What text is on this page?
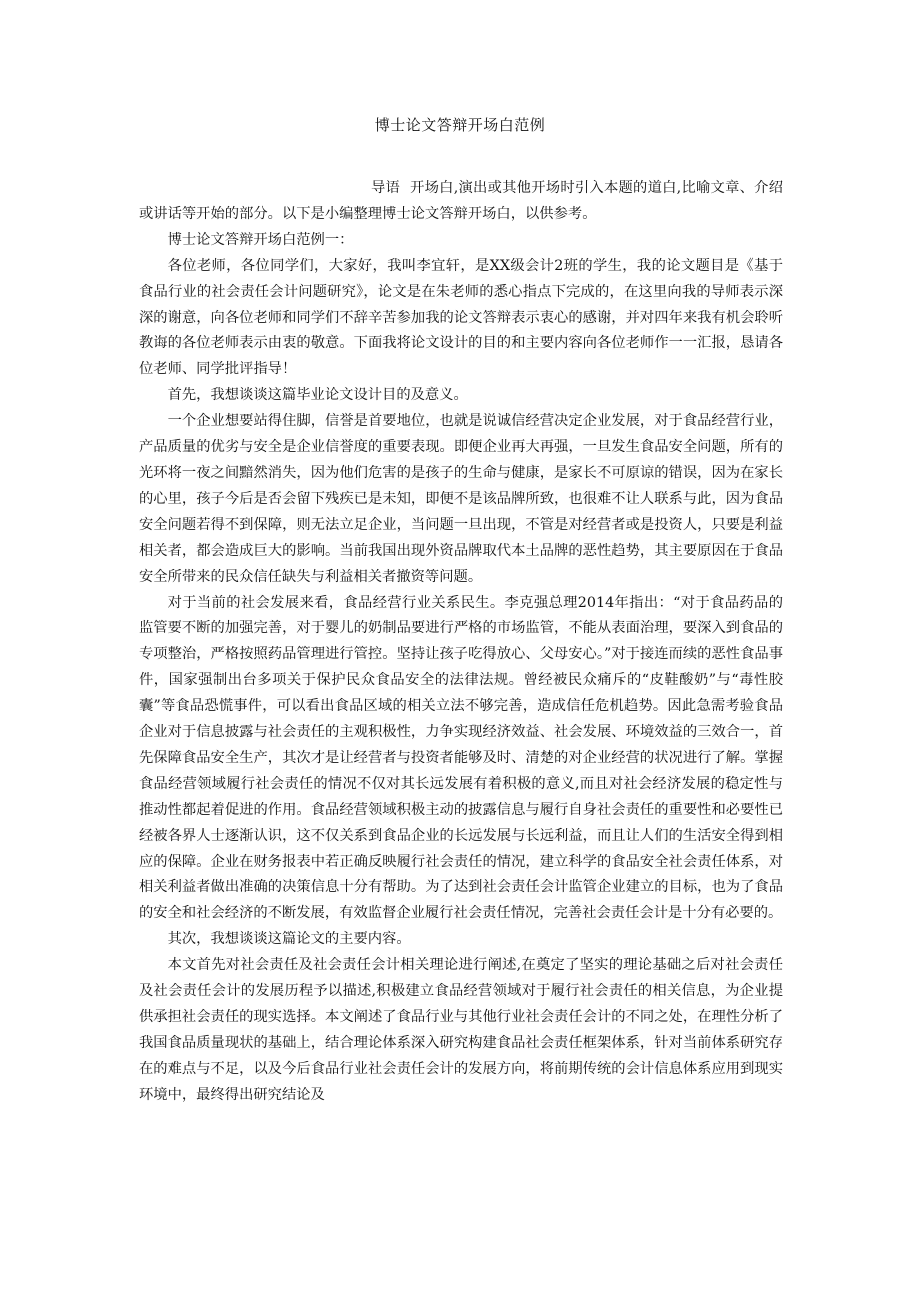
博士论文答辩开场白范例

导语 开场白,演出或其他开场时引入本题的道白,比喻文章、介绍或讲话等开始的部分。以下是小编整理博士论文答辩开场白，以供参考。

博士论文答辩开场白范例一：

各位老师，各位同学们，大家好，我叫李宜轩，是XX级会计2班的学生，我的论文题目是《基于食品行业的社会责任会计问题研究》，论文是在朱老师的悉心指点下完成的，在这里向我的导师表示深深的谢意，向各位老师和同学们不辞辛苦参加我的论文答辩表示衷心的感谢，并对四年来我有机会聆听教诲的各位老师表示由衷的敬意。下面我将论文设计的目的和主要内容向各位老师作一一汇报，恳请各位老师、同学批评指导！

首先，我想谈谈这篇毕业论文设计目的及意义。

一个企业想要站得住脚，信誉是首要地位，也就是说诚信经营决定企业发展，对于食品经营行业，产品质量的优劣与安全是企业信誉度的重要表现。即便企业再大再强，一旦发生食品安全问题，所有的光环将一夜之间黯然消失，因为他们危害的是孩子的生命与健康，是家长不可原谅的错误，因为在家长的心里，孩子今后是否会留下残疾已是未知，即便不是该品牌所致，也很难不让人联系与此，因为食品安全问题若得不到保障，则无法立足企业，当问题一旦出现，不管是对经营者或是投资人，只要是利益相关者，都会造成巨大的影响。当前我国出现外资品牌取代本土品牌的恶性趋势，其主要原因在于食品安全所带来的民众信任缺失与利益相关者撤资等问题。

对于当前的社会发展来看，食品经营行业关系民生。李克强总理2014年指出：“对于食品药品的监管要不断的加强完善，对于婴儿的奶制品要进行严格的市场监管，不能从表面治理，要深入到食品的专项整治，严格按照药品管理进行管控。坚持让孩子吃得放心、父母安心。”对于接连而续的恶性食品事件，国家强制出台多项关于保护民众食品安全的法律法规。曾经被民众痛斥的“皮鞋酸奶”与“毒性胶囊”等食品恐慌事件，可以看出食品区域的相关立法不够完善，造成信任危机趋势。因此急需考验食品企业对于信息披露与社会责任的主观积极性，力争实现经济效益、社会发展、环境效益的三效合一，首先保障食品安全生产，其次才是让经营者与投资者能够及时、清楚的对企业经营的状况进行了解。掌握食品经营领域履行社会责任的情况不仅对其长远发展有着积极的意义,而且对社会经济发展的稳定性与推动性都起着促进的作用。食品经营领域积极主动的披露信息与履行自身社会责任的重要性和必要性已经被各界人士逐渐认识，这不仅关系到食品企业的长远发展与长远利益，而且让人们的生活安全得到相应的保障。企业在财务报表中若正确反映履行社会责任的情况，建立科学的食品安全社会责任体系，对相关利益者做出准确的决策信息十分有帮助。为了达到社会责任会计监管企业建立的目标，也为了食品的安全和社会经济的不断发展，有效监督企业履行社会责任情况，完善社会责任会计是十分有必要的。

其次，我想谈谈这篇论文的主要内容。

本文首先对社会责任及社会责任会计相关理论进行阐述,在奠定了坚实的理论基础之后对社会责任及社会责任会计的发展历程予以描述,积极建立食品经营领域对于履行社会责任的相关信息，为企业提供承担社会责任的现实选择。本文阐述了食品行业与其他行业社会责任会计的不同之处，在理性分析了我国食品质量现状的基础上，结合理论体系深入研究构建食品社会责任框架体系，针对当前体系研究存在的难点与不足，以及今后食品行业社会责任会计的发展方向，将前期传统的会计信息体系应用到现实环境中，最终得出研究结论及
